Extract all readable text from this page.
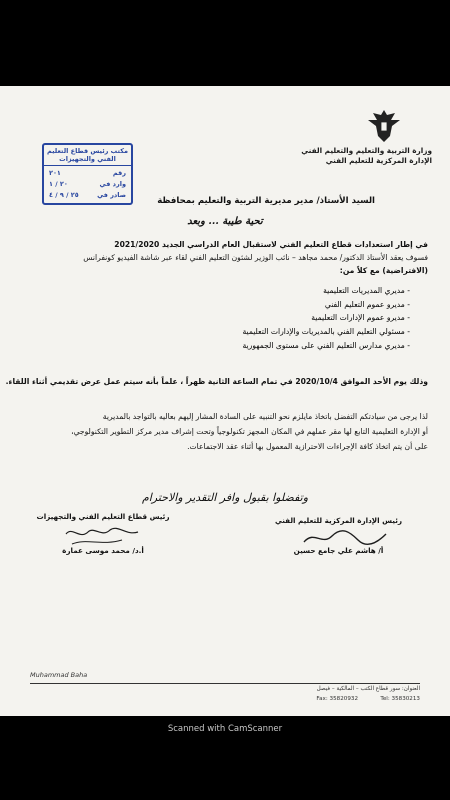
وزارة التربية والتعليم والتعليم الفني
الإدارة المركزية للتعليم الفني
مكتب رئيس قطاع التعليم الفني والتجهيزات
رقم
٢٠١
وارد في
٢٠ / ١
صادر في
٢٥ / ٩ / ٤
السيد الأستاذ/ مدير مديرية التربية والتعليم بمحافظة
تحية طيبة ... وبعد
في إطار استعدادات قطاع التعليم الفني لاستقبال العام الدراسي الجديد 2021/2020
فسوف يعقد الأستاذ الدكتور/ محمد مجاهد – نائب الوزير لشئون التعليم الفني لقاء عبر شاشة الفيديو كونفرانس
(الافتراضية) مع كلاً من:
- مديري المديريات التعليمية
- مديرو عموم التعليم الفني
- مديرو عموم الإدارات التعليمية
- مسئولي التعليم الفني بالمديريات والإدارات التعليمية
- مديري مدارس التعليم الفني على مستوى الجمهورية
وذلك يوم الأحد الموافق 2020/10/4 في تمام الساعة الثانية ظهراً ، علماً بأنه سيتم عمل عرض تقديمي أثناء اللقاء.
لذا يرجى من سيادتكم التفضل باتخاذ مايلزم نحو التنبيه على السادة المشار إليهم بعاليه بالتواجد بالمديرية
أو الإدارة التعليمية التابع لها مقر عملهم في المكان المجهز تكنولوجياً وتحت إشراف مدير مركز التطوير التكنولوجي،
على أن يتم اتخاذ كافة الإجراءات الاحترازية المعمول بها أثناء عقد الاجتماعات.
وتفضلوا بقبول وافر التقدير والاحترام
رئيس الإدارة المركزية للتعليم الفني
أ/ هاشم علي جامع حسين
رئيس قطاع التعليم الفني والتجهيزات
أ.د/ محمد موسى عمارة
Muhammad Baha
العنوان: سور قطاع الكتب – المالكية – فيصل
Fax: 35820932	Tel: 35830213
Scanned with CamScanner
